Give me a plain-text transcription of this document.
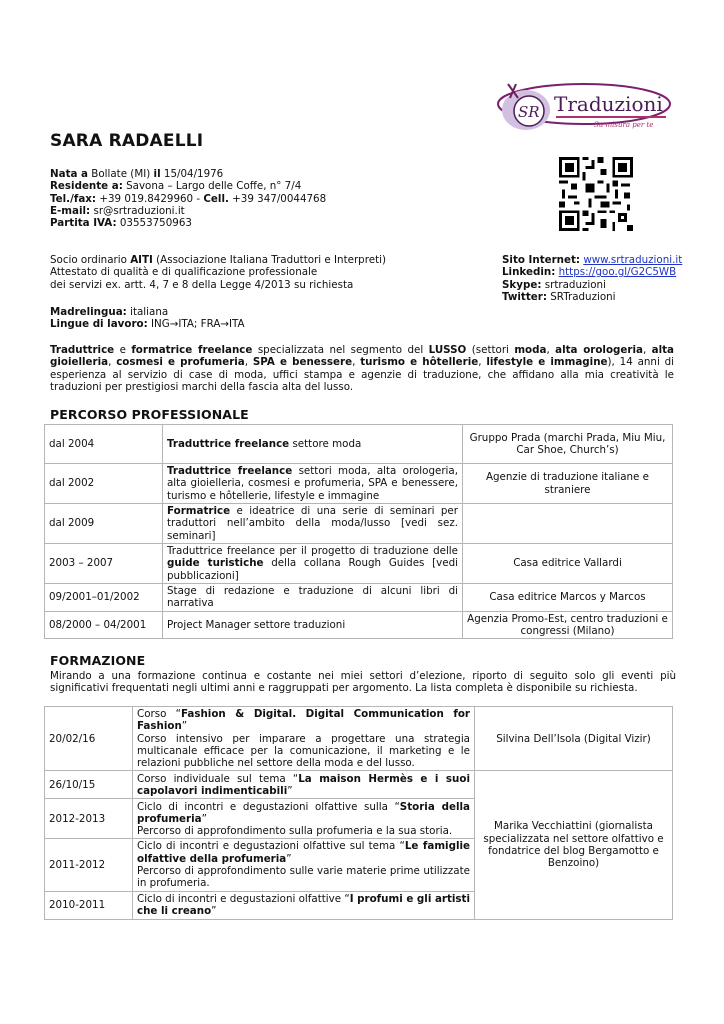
SR Traduzioni
Su misura per te
SARA RADAELLI
Nata a Bollate (MI) il 15/04/1976
Residente a: Savona – Largo delle Coffe, n° 7/4
Tel./fax: +39 019.8429960 - Cell. +39 347/0044768
E-mail: sr@srtraduzioni.it
Partita IVA: 03553750963
Socio ordinario AITI (Associazione Italiana Traduttori e Interpreti)
Attestato di qualità e di qualificazione professionale
dei servizi ex. artt. 4, 7 e 8 della Legge 4/2013 su richiesta
Sito Internet: www.srtraduzioni.it
Linkedin: https://goo.gl/G2C5WB
Skype: srtraduzioni
Twitter: SRTraduzioni
Madrelingua: italiana
Lingue di lavoro: ING→ITA; FRA→ITA
Traduttrice e formatrice freelance specializzata nel segmento del LUSSO (settori moda, alta orologeria, alta gioielleria, cosmesi e profumeria, SPA e benessere, turismo e hôtellerie, lifestyle e immagine), 14 anni di esperienza al servizio di case di moda, uffici stampa e agenzie di traduzione, che affidano alla mia creatività le traduzioni per prestigiosi marchi della fascia alta del lusso.
PERCORSO PROFESSIONALE
dal 2004	Traduttrice freelance settore moda	Gruppo Prada (marchi Prada, Miu Miu, Car Shoe, Church’s)
dal 2002	Traduttrice freelance settori moda, alta orologeria, alta gioielleria, cosmesi e profumeria, SPA e benessere, turismo e hôtellerie, lifestyle e immagine	Agenzie di traduzione italiane e straniere
dal 2009	Formatrice e ideatrice di una serie di seminari per traduttori nell’ambito della moda/lusso [vedi sez. seminari]	
2003 – 2007	Traduttrice freelance per il progetto di traduzione delle guide turistiche della collana Rough Guides [vedi pubblicazioni]	Casa editrice Vallardi
09/2001–01/2002	Stage di redazione e traduzione di alcuni libri di narrativa	Casa editrice Marcos y Marcos
08/2000 – 04/2001	Project Manager settore traduzioni	Agenzia Promo-Est, centro traduzioni e congressi (Milano)
FORMAZIONE
Mirando a una formazione continua e costante nei miei settori d’elezione, riporto di seguito solo gli eventi più significativi frequentati negli ultimi anni e raggruppati per argomento. La lista completa è disponibile su richiesta.
20/02/16	Corso “Fashion & Digital. Digital Communication for Fashion”
Corso intensivo per imparare a progettare una strategia multicanale efficace per la comunicazione, il marketing e le relazioni pubbliche nel settore della moda e del lusso.	Silvina Dell’Isola (Digital Vizir)
26/10/15	Corso individuale sul tema “La maison Hermès e i suoi capolavori indimenticabili”	Marika Vecchiattini (giornalista specializzata nel settore olfattivo e fondatrice del blog Bergamotto e Benzoino)
2012-2013	Ciclo di incontri e degustazioni olfattive sulla “Storia della profumeria”
Percorso di approfondimento sulla profumeria e la sua storia.	
2011-2012	Ciclo di incontri e degustazioni olfattive sul tema “Le famiglie olfattive della profumeria”
Percorso di approfondimento sulle varie materie prime utilizzate in profumeria.	
2010-2011	Ciclo di incontri e degustazioni olfattive “I profumi e gli artisti che li creano”	
